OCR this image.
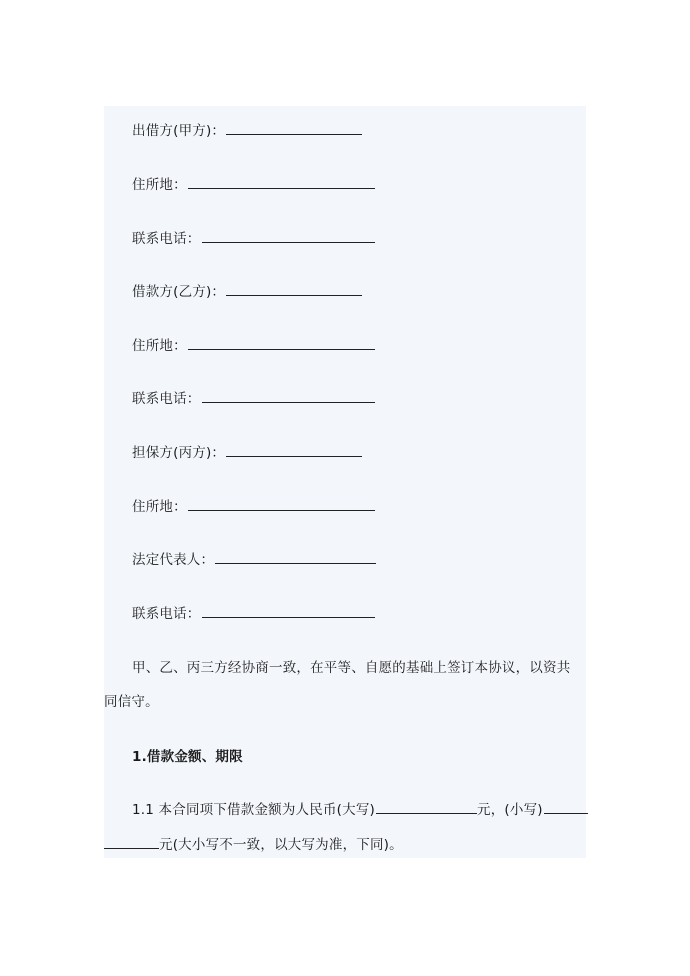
出借方(甲方)：
住所地：
联系电话：
借款方(乙方)：
住所地：
联系电话：
担保方(丙方)：
住所地：
法定代表人：
联系电话：
甲、乙、丙三方经协商一致，在平等、自愿的基础上签订本协议，以资共
同信守。
1.借款金额、期限
1.1 本合同项下借款金额为人民币(大写)	元，(小写)
元(大小写不一致，以大写为准，下同)。
